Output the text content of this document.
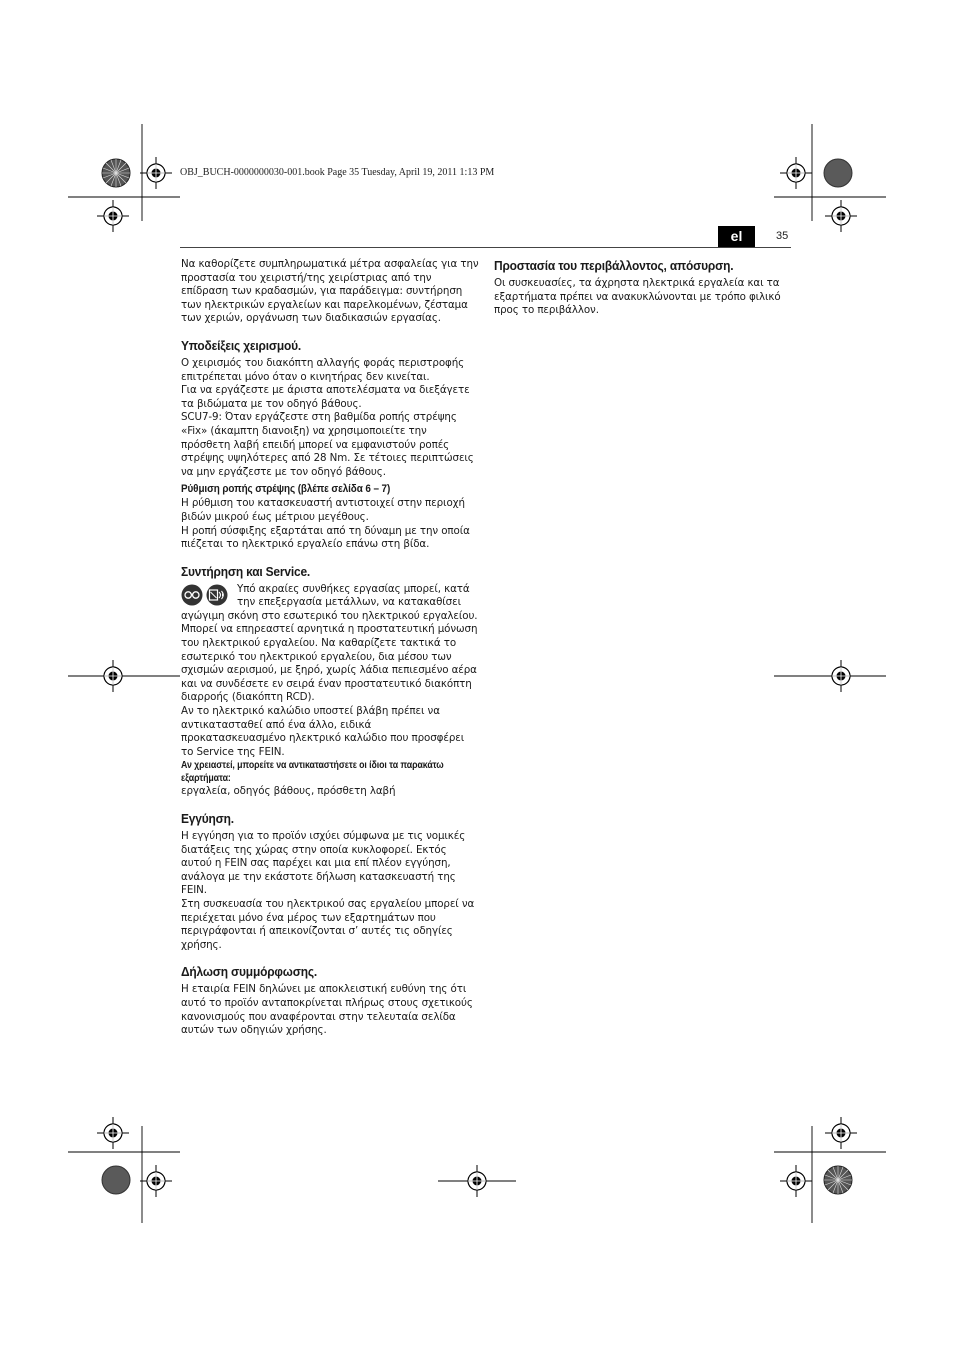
OBJ_BUCH-0000000030-001.book Page 35 Tuesday, April 19, 2011 1:13 PM
el	35

Να καθορίζετε συμπληρωματικά μέτρα ασφαλείας για την προστασία του χειριστή/της χειρίστριας από την επίδραση των κραδασμών, για παράδειγμα: συντήρηση των ηλεκτρικών εργαλείων και παρελκομένων, ζέσταμα των χεριών, οργάνωση των διαδικασιών εργασίας.

Υποδείξεις χειρισμού.

Ο χειρισμός του διακόπτη αλλαγής φοράς περιστροφής επιτρέπεται μόνο όταν ο κινητήρας δεν κινείται.

Για να εργάζεστε με άριστα αποτελέσματα να διεξάγετε τα βιδώματα με τον οδηγό βάθους.

SCU7-9: Όταν εργάζεστε στη βαθμίδα ροπής στρέψης «Fix» (άκαμπτη διανοιξη) να χρησιμοποιείτε την πρόσθετη λαβή επειδή μπορεί να εμφανιστούν ροπές στρέψης υψηλότερες από 28 Nm. Σε τέτοιες περιπτώσεις να μην εργάζεστε με τον οδηγό βάθους.

Ρύθμιση ροπής στρέψης (βλέπε σελίδα 6 – 7)

Η ρύθμιση του κατασκευαστή αντιστοιχεί στην περιοχή βιδών μικρού έως μέτριου μεγέθους.

Η ροπή σύσφιξης εξαρτάται από τη δύναμη με την οποία πιέζεται το ηλεκτρικό εργαλείο επάνω στη βίδα.

Συντήρηση και Service.

Υπό ακραίες συνθήκες εργασίας μπορεί, κατά την επεξεργασία μετάλλων, να κατακαθίσει αγώγιμη σκόνη στο εσωτερικό του ηλεκτρικού εργαλείου. Μπορεί να επηρεαστεί αρνητικά η προστατευτική μόνωση του ηλεκτρικού εργαλείου. Να καθαρίζετε τακτικά το εσωτερικό του ηλεκτρικού εργαλείου, δια μέσου των σχισμών αερισμού, με ξηρό, χωρίς λάδια πεπιεσμένο αέρα και να συνδέσετε εν σειρά έναν προστατευτικό διακόπτη διαρροής (διακόπτη RCD).

Αν το ηλεκτρικό καλώδιο υποστεί βλάβη πρέπει να αντικατασταθεί από ένα άλλο, ειδικά προκατασκευασμένο ηλεκτρικό καλώδιο που προσφέρει το Service της FEIN.

Αν χρειαστεί, μπορείτε να αντικαταστήσετε οι ίδιοι τα παρακάτω εξαρτήματα:

εργαλεία, οδηγός βάθους, πρόσθετη λαβή

Εγγύηση.

Η εγγύηση για το προϊόν ισχύει σύμφωνα με τις νομικές διατάξεις της χώρας στην οποία κυκλοφορεί. Εκτός αυτού η FEIN σας παρέχει και μια επί πλέον εγγύηση, ανάλογα με την εκάστοτε δήλωση κατασκευαστή της FEIN.

Στη συσκευασία του ηλεκτρικού σας εργαλείου μπορεί να περιέχεται μόνο ένα μέρος των εξαρτημάτων που περιγράφονται ή απεικονίζονται σ’ αυτές τις οδηγίες χρήσης.

Δήλωση συμμόρφωσης.

Η εταιρία FEIN δηλώνει με αποκλειστική ευθύνη της ότι αυτό το προϊόν ανταποκρίνεται πλήρως στους σχετικούς κανονισμούς που αναφέρονται στην τελευταία σελίδα αυτών των οδηγιών χρήσης.

Προστασία του περιβάλλοντος, απόσυρση.

Οι συσκευασίες, τα άχρηστα ηλεκτρικά εργαλεία και τα εξαρτήματα πρέπει να ανακυκλώνονται με τρόπο φιλικό προς το περιβάλλον.
